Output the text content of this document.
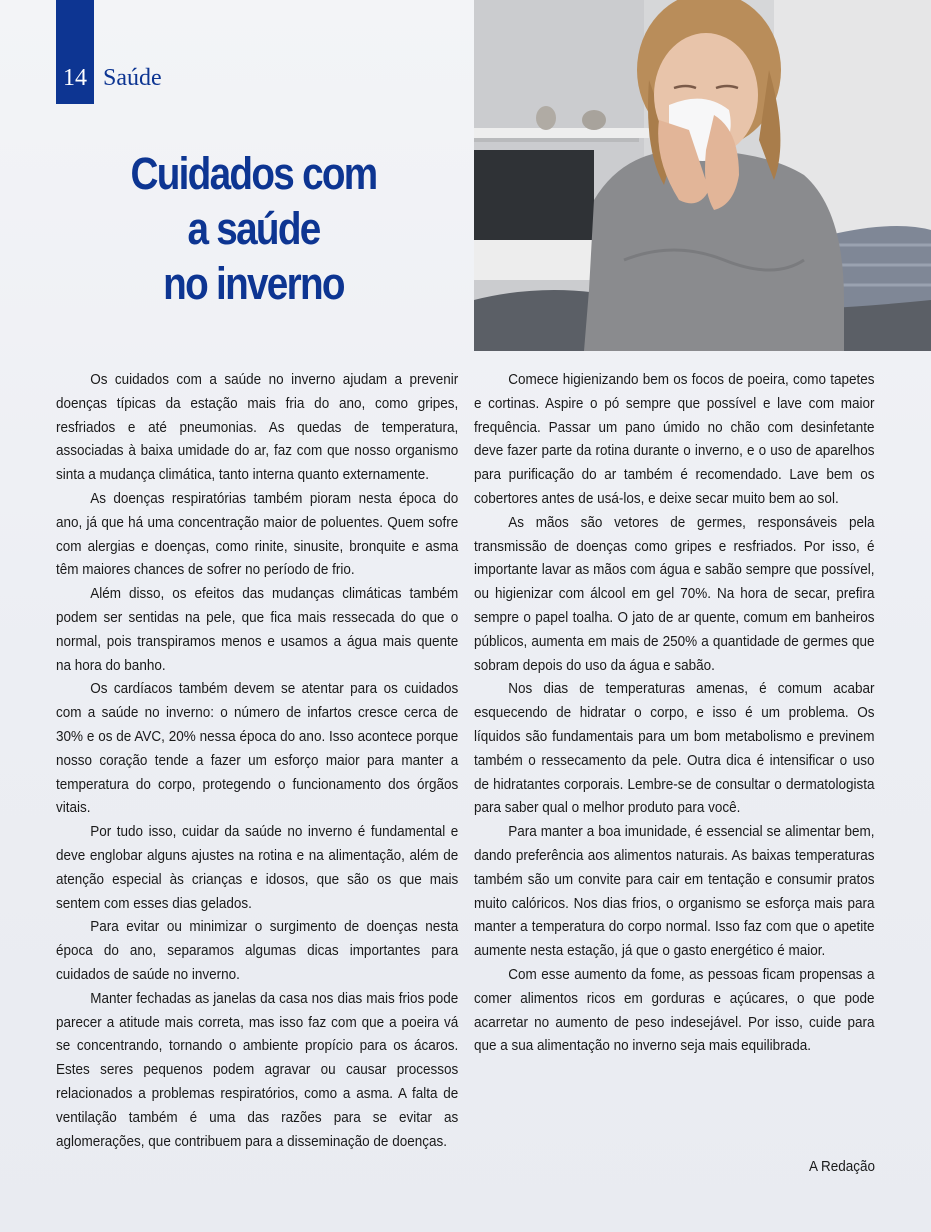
14 Saúde
Cuidados com
a saúde
no inverno

Os cuidados com a saúde no inverno ajudam a prevenir doenças típicas da estação mais fria do ano, como gripes, resfriados e até pneumonias. As quedas de temperatura, associadas à baixa umidade do ar, faz com que nosso organismo sinta a mudança climática, tanto interna quanto externamente.

As doenças respiratórias também pioram nesta época do ano, já que há uma concentração maior de poluentes. Quem sofre com alergias e doenças, como rinite, sinusite, bronquite e asma têm maiores chances de sofrer no período de frio.

Além disso, os efeitos das mudanças climáticas também podem ser sentidas na pele, que fica mais ressecada do que o normal, pois transpiramos menos e usamos a água mais quente na hora do banho.

Os cardíacos também devem se atentar para os cuidados com a saúde no inverno: o número de infartos cresce cerca de 30% e os de AVC, 20% nessa época do ano. Isso acontece porque nosso coração tende a fazer um esforço maior para manter a temperatura do corpo, protegendo o funcionamento dos órgãos vitais.

Por tudo isso, cuidar da saúde no inverno é fundamental e deve englobar alguns ajustes na rotina e na alimentação, além de atenção especial às crianças e idosos, que são os que mais sentem com esses dias gelados.

Para evitar ou minimizar o surgimento de doenças nesta época do ano, separamos algumas dicas importantes para cuidados de saúde no inverno.

Manter fechadas as janelas da casa nos dias mais frios pode parecer a atitude mais correta, mas isso faz com que a poeira vá se concentrando, tornando o ambiente propício para os ácaros. Estes seres pequenos podem agravar ou causar processos relacionados a problemas respiratórios, como a asma. A falta de ventilação também é uma das razões para se evitar as aglomerações, que contribuem para a disseminação de doenças.

Comece higienizando bem os focos de poeira, como tapetes e cortinas. Aspire o pó sempre que possível e lave com maior frequência. Passar um pano úmido no chão com desinfetante deve fazer parte da rotina durante o inverno, e o uso de aparelhos para purificação do ar também é recomendado. Lave bem os cobertores antes de usá-los, e deixe secar muito bem ao sol.

As mãos são vetores de germes, responsáveis pela transmissão de doenças como gripes e resfriados. Por isso, é importante lavar as mãos com água e sabão sempre que possível, ou higienizar com álcool em gel 70%. Na hora de secar, prefira sempre o papel toalha. O jato de ar quente, comum em banheiros públicos, aumenta em mais de 250% a quantidade de germes que sobram depois do uso da água e sabão.

Nos dias de temperaturas amenas, é comum acabar esquecendo de hidratar o corpo, e isso é um problema. Os líquidos são fundamentais para um bom metabolismo e previnem também o ressecamento da pele. Outra dica é intensificar o uso de hidratantes corporais. Lembre-se de consultar o dermatologista para saber qual o melhor produto para você.

Para manter a boa imunidade, é essencial se alimentar bem, dando preferência aos alimentos naturais. As baixas temperaturas também são um convite para cair em tentação e consumir pratos muito calóricos. Nos dias frios, o organismo se esforça mais para manter a temperatura do corpo normal. Isso faz com que o apetite aumente nesta estação, já que o gasto energético é maior.

Com esse aumento da fome, as pessoas ficam propensas a comer alimentos ricos em gorduras e açúcares, o que pode acarretar no aumento de peso indesejável. Por isso, cuide para que a sua alimentação no inverno seja mais equilibrada.

A Redação
